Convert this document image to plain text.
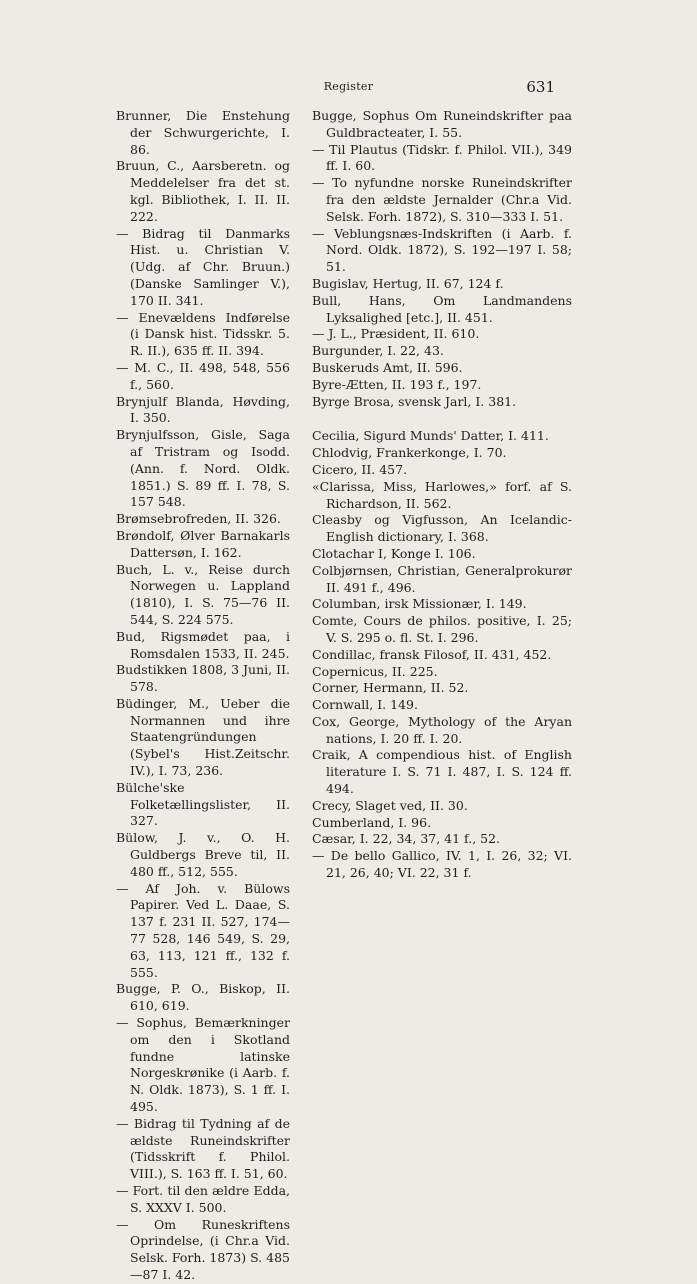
Register	631

Brunner, Die Enstehung der Schwurgerichte, I. 86.

Bruun, C., Aarsberetn. og Meddelelser fra det st. kgl. Bibliothek, I. II. II. 222.

— Bidrag til Danmarks Hist. u. Christian V. (Udg. af Chr. Bruun.)(Danske Samlinger V.), 170 II. 341.

— Enevældens Indførelse (i Dansk hist. Tidsskr. 5. R. II.), 635 ff. II. 394.

— M. C., II. 498, 548, 556 f., 560.

Brynjulf Blanda, Høvding, I. 350.

Brynjulfsson, Gisle, Saga af Tristram og Isodd. (Ann. f. Nord. Oldk. 1851.) S. 89 ff. I. 78, S. 157 548.

Brømsebrofreden, II. 326.

Brøndolf, Ølver Barnakarls Dattersøn, I. 162.

Buch, L. v., Reise durch Norwegen u. Lappland (1810), I. S. 75—76 II. 544, S. 224 575.

Bud, Rigsmødet paa, i Romsdalen 1533, II. 245.

Budstikken 1808, 3 Juni, II. 578.

Büdinger, M., Ueber die Normannen und ihre Staatengründungen (Sybel's Hist.Zeitschr. IV.), I. 73, 236.

Bülche'ske Folketællingslister, II. 327.

Bülow, J. v., O. H. Guldbergs Breve til, II. 480 ff., 512, 555.

— Af Joh. v. Bülows Papirer. Ved L. Daae, S. 137 f. 231 II. 527, 174—77 528, 146 549, S. 29, 63, 113, 121 ff., 132 f. 555.

Bugge, P. O., Biskop, II. 610, 619.

— Sophus, Bemærkninger om den i Skotland fundne latinske Norgeskrønike (i Aarb. f. N. Oldk. 1873), S. 1 ff. I. 495.

— Bidrag til Tydning af de ældste Runeindskrifter (Tidsskrift f. Philol. VIII.), S. 163 ff. I. 51, 60.

— Fort. til den ældre Edda, S. XXXV I. 500.

— Om Runeskriftens Oprindelse, (i Chr.a Vid. Selsk. Forh. 1873) S. 485—87 I. 42.

Bugge, Sophus Om Runeindskrifter paa Guldbracteater, I. 55.

— Til Plautus (Tidskr. f. Philol. VII.), 349 ff. I. 60.

— To nyfundne norske Runeindskrifter fra den ældste Jernalder (Chr.a Vid. Selsk. Forh. 1872), S. 310—333 I. 51.

— Veblungsnæs-Indskriften (i Aarb. f. Nord. Oldk. 1872), S. 192—197 I. 58; 51.

Bugislav, Hertug, II. 67, 124 f.

Bull, Hans, Om Landmandens Lyksalighed [etc.], II. 451.

— J. L., Præsident, II. 610.

Burgunder, I. 22, 43.

Buskeruds Amt, II. 596.

Byre-Ætten, II. 193 f., 197.

Byrge Brosa, svensk Jarl, I. 381.

Cecilia, Sigurd Munds' Datter, I. 411.

Chlodvig, Frankerkonge, I. 70.

Cicero, II. 457.

«Clarissa, Miss, Harlowes,» forf. af S. Richardson, II. 562.

Cleasby og Vigfusson, An Icelandic-English dictionary, I. 368.

Clotachar I, Konge I. 106.

Colbjørnsen, Christian, Generalprokurør II. 491 f., 496.

Columban, irsk Missionær, I. 149.

Comte, Cours de philos. positive, I. 25; V. S. 295 o. fl. St. I. 296.

Condillac, fransk Filosof, II. 431, 452.

Copernicus, II. 225.

Corner, Hermann, II. 52.

Cornwall, I. 149.

Cox, George, Mythology of the Aryan nations, I. 20 ff. I. 20.

Craik, A compendious hist. of English literature I. S. 71 I. 487, I. S. 124 ff. 494.

Crecy, Slaget ved, II. 30.

Cumberland, I. 96.

Cæsar, I. 22, 34, 37, 41 f., 52.

— De bello Gallico, IV. 1, I. 26, 32; VI. 21, 26, 40; VI. 22, 31 f.
